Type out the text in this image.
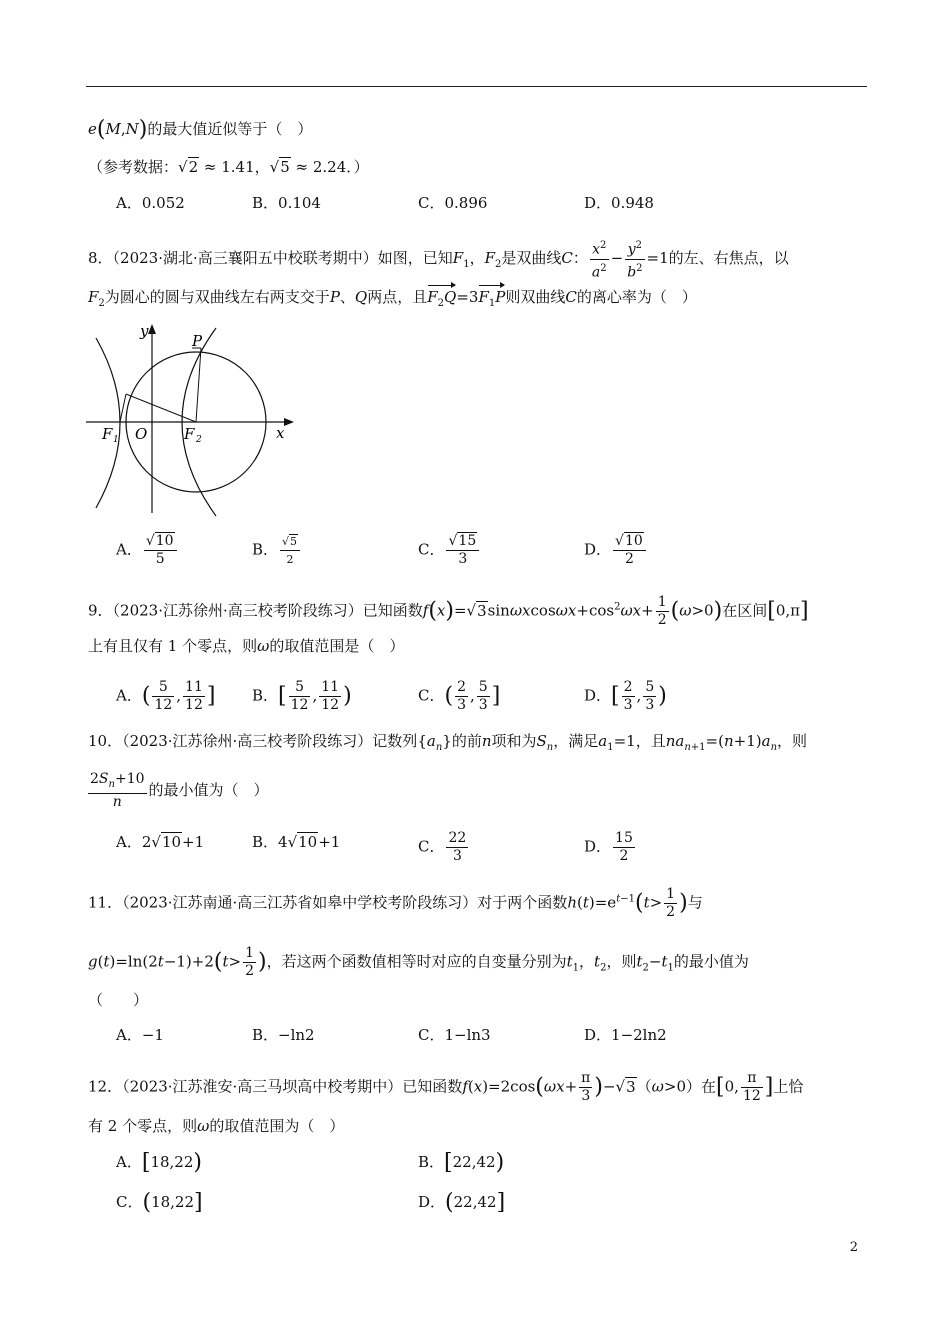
e(M,N)的最大值近似等于（　）
（参考数据：√2 ≈ 1.41，√5 ≈ 2.24．）
A．0.052	B．0.104	C．0.896	D．0.948
8．（2023·湖北·高三襄阳五中校联考期中）如图，已知$F_1$，$F_2$是双曲线C： $\frac{x^2}{a^2} - \frac{y^2}{b^2} =1$的左、右焦点，以
$F_2$为圆心的圆与双曲线左右两支交于P、Q两点，且$F_2Q=3F_1P$则双曲线C的离心率为（　）
y
x
P
F 1 O F 2
A． $\frac{√10}{5}$	B． $\frac{√5}{2}$	C． $\frac{√15}{3}$	D． $\frac{√10}{2}$
9．（2023·江苏徐州·高三校考阶段练习）已知函数$f(x)=√3\sin\omega xcos\omega x+\cos^2\omega x+ \frac{1}{2} (\omega>0)$在区间[0,π]
上有且仅有 1 个零点，则ω的取值范围是（　）
A．( $\frac{5}{12}$ , $\frac{11}{12}$ ] B．[ $\frac{5}{12}$ , $\frac{11}{12}$ )	C．( $\frac{2}{3}$ , $\frac{5}{3}$ ]	D．[ $\frac{2}{3}$ , $\frac{5}{3}$ )
10．（2023·江苏徐州·高三校考阶段练习）记数列$\{a_n\}$的前n项和为$S_n$，满足$a_1=1$，且$na_{n+1}=(n+1)a_n$，则
$\frac{2S_n+10}{n}$ 的最小值为（　）
A．2√10+1	B．4√10+1	C． $\frac{22}{3}$	D． $\frac{15}{2}$
11．（2023·江苏南通·高三江苏省如皋中学校考阶段练习）对于两个函数$h(t)=e^{t-1}(t> \frac{1}{2}$ )与
$g(t)=\ln(2t-1)+2(t> \frac{1}{2}$ )，若这两个函数值相等时对应的自变量分别为$t_1$，$t_2$，则$t_2-t_1$的最小值为
（　　）
A．−1	B．−ln2	C．1−ln3	D．1−2ln2
12．（2023·江苏淮安·高三马坝高中校考期中）已知函数$f(x)=2\cos(\omega x+ \frac{\pi}{3} )-√3(\omega>0)$在[0, $\frac{\pi}{12}$ ]上恰
有 2 个零点，则ω的取值范围为（　）
A．[18,22)	B．[22,42)
C．(18,22]	D．(22,42]
2
